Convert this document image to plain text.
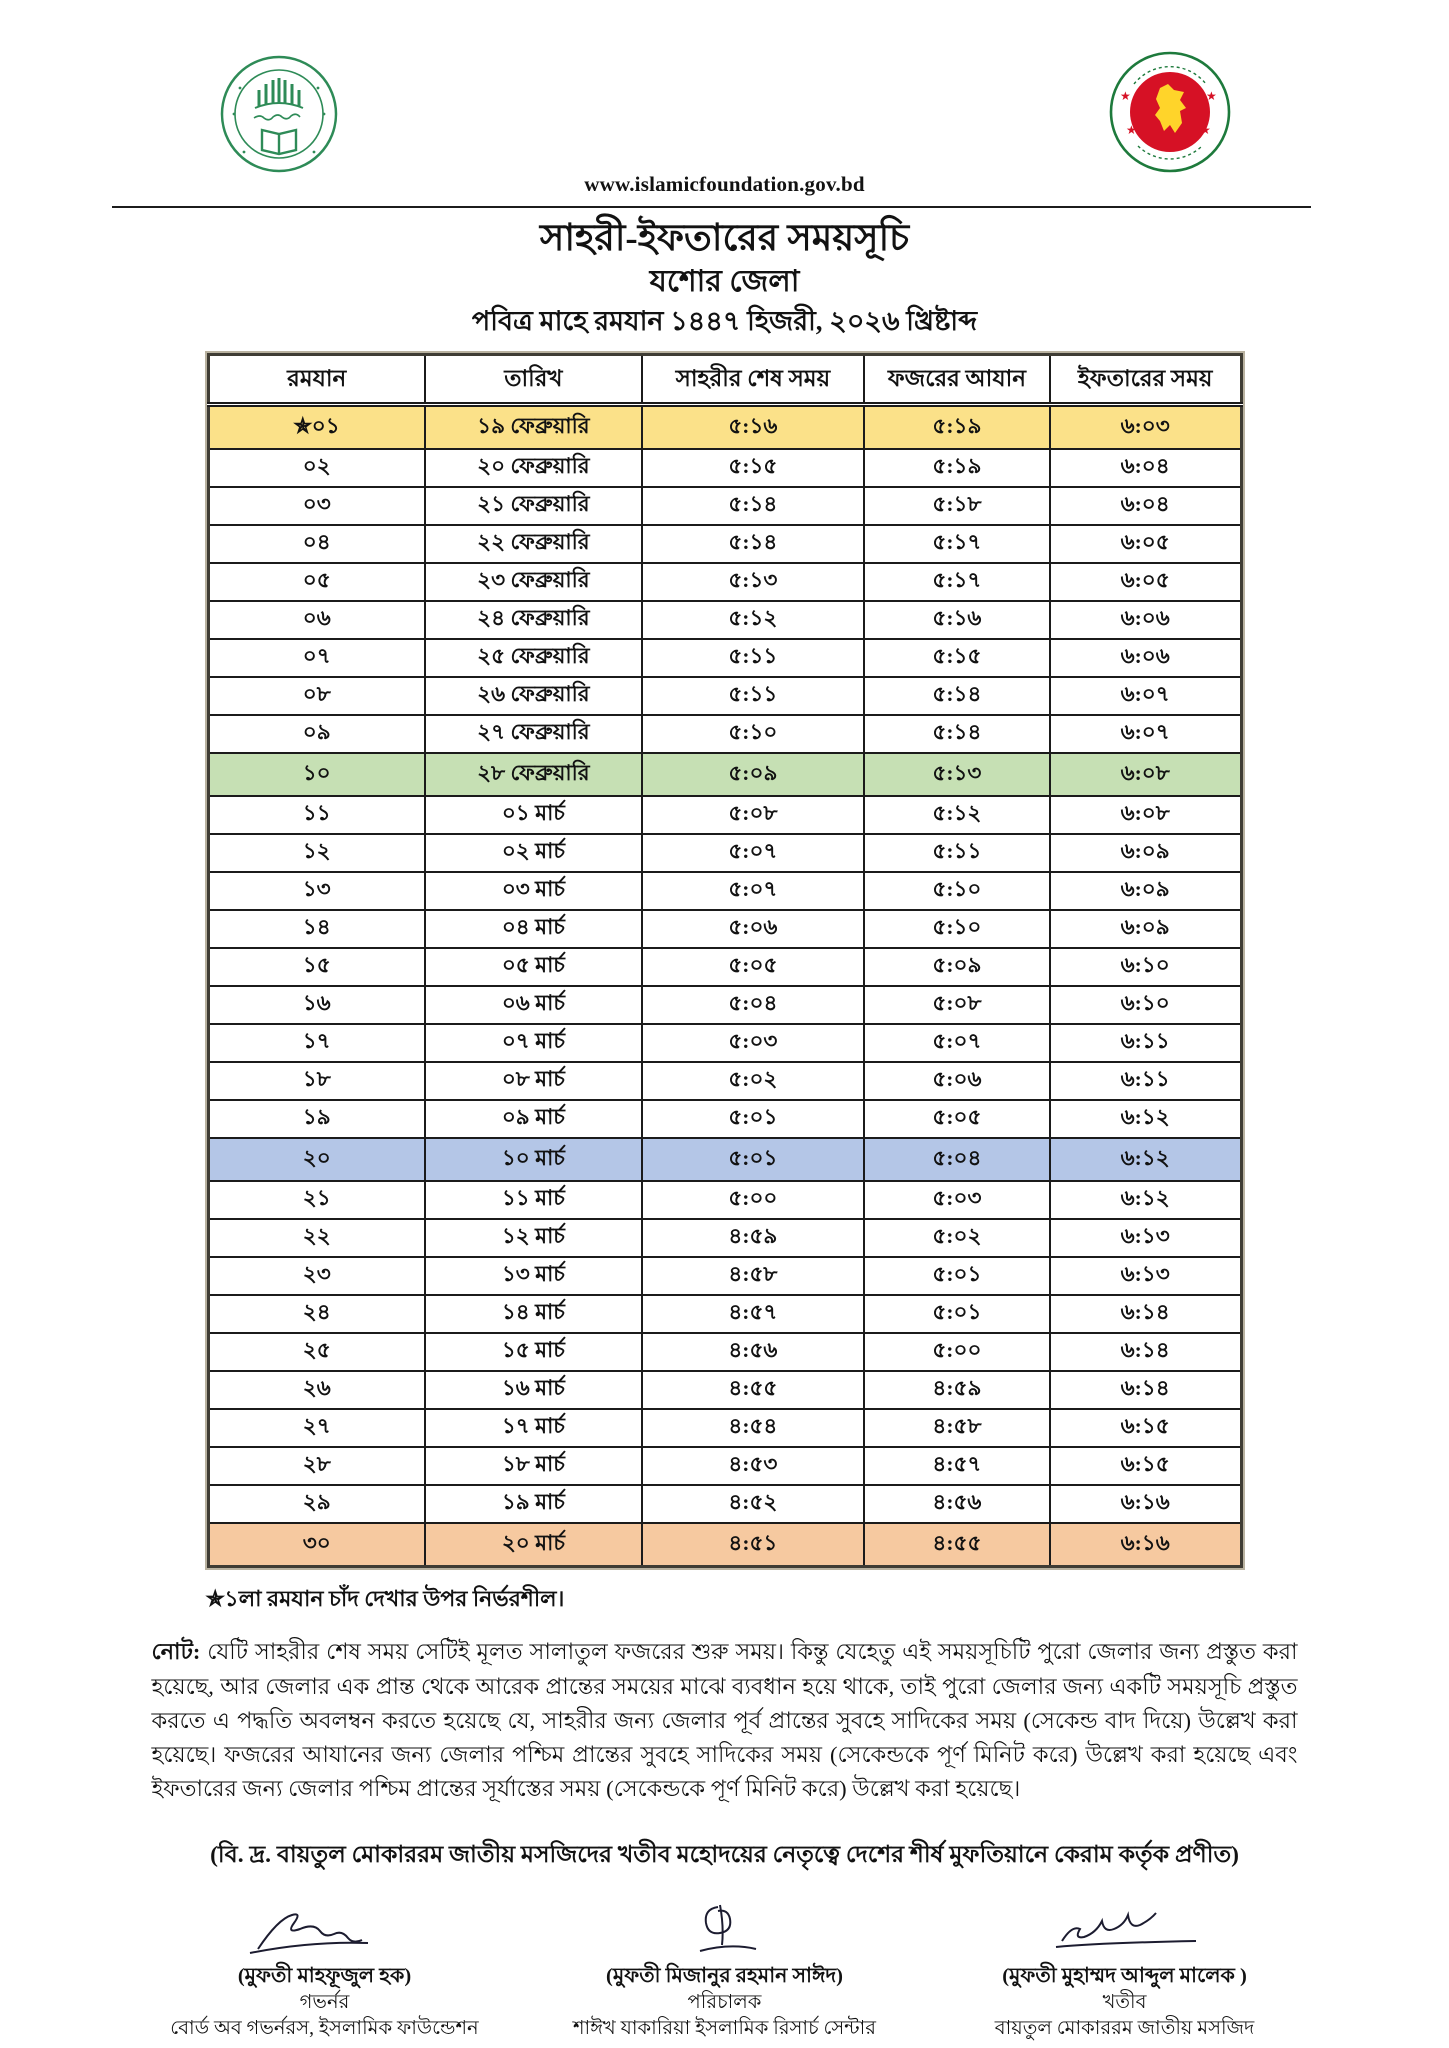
★
★
★
★
www.islamicfoundation.gov.bd
সাহরী-ইফতারের সময়সূচি
যশোর জেলা
পবিত্র মাহে রমযান ১৪৪৭ হিজরী, ২০২৬ খ্রিষ্টাব্দ
রমযান	তারিখ	সাহরীর শেষ সময়	ফজরের আযান	ইফতারের সময়
✯০১	১৯ ফেব্রুয়ারি	৫:১৬	৫:১৯	৬:০৩
০২	২০ ফেব্রুয়ারি	৫:১৫	৫:১৯	৬:০৪
০৩	২১ ফেব্রুয়ারি	৫:১৪	৫:১৮	৬:০৪
০৪	২২ ফেব্রুয়ারি	৫:১৪	৫:১৭	৬:০৫
০৫	২৩ ফেব্রুয়ারি	৫:১৩	৫:১৭	৬:০৫
০৬	২৪ ফেব্রুয়ারি	৫:১২	৫:১৬	৬:০৬
০৭	২৫ ফেব্রুয়ারি	৫:১১	৫:১৫	৬:০৬
০৮	২৬ ফেব্রুয়ারি	৫:১১	৫:১৪	৬:০৭
০৯	২৭ ফেব্রুয়ারি	৫:১০	৫:১৪	৬:০৭
১০	২৮ ফেব্রুয়ারি	৫:০৯	৫:১৩	৬:০৮
১১	০১ মার্চ	৫:০৮	৫:১২	৬:০৮
১২	০২ মার্চ	৫:০৭	৫:১১	৬:০৯
১৩	০৩ মার্চ	৫:০৭	৫:১০	৬:০৯
১৪	০৪ মার্চ	৫:০৬	৫:১০	৬:০৯
১৫	০৫ মার্চ	৫:০৫	৫:০৯	৬:১০
১৬	০৬ মার্চ	৫:০৪	৫:০৮	৬:১০
১৭	০৭ মার্চ	৫:০৩	৫:০৭	৬:১১
১৮	০৮ মার্চ	৫:০২	৫:০৬	৬:১১
১৯	০৯ মার্চ	৫:০১	৫:০৫	৬:১২
২০	১০ মার্চ	৫:০১	৫:০৪	৬:১২
২১	১১ মার্চ	৫:০০	৫:০৩	৬:১২
২২	১২ মার্চ	৪:৫৯	৫:০২	৬:১৩
২৩	১৩ মার্চ	৪:৫৮	৫:০১	৬:১৩
২৪	১৪ মার্চ	৪:৫৭	৫:০১	৬:১৪
২৫	১৫ মার্চ	৪:৫৬	৫:০০	৬:১৪
২৬	১৬ মার্চ	৪:৫৫	৪:৫৯	৬:১৪
২৭	১৭ মার্চ	৪:৫৪	৪:৫৮	৬:১৫
২৮	১৮ মার্চ	৪:৫৩	৪:৫৭	৬:১৫
২৯	১৯ মার্চ	৪:৫২	৪:৫৬	৬:১৬
৩০	২০ মার্চ	৪:৫১	৪:৫৫	৬:১৬

✯১লা রমযান চাঁদ দেখার উপর নির্ভরশীল।

নোট: যেটি সাহরীর শেষ সময় সেটিই মূলত সালাতুল ফজরের শুরু সময়। কিন্তু যেহেতু এই সময়সূচিটি পুরো জেলার জন্য প্রস্তুত করা হয়েছে, আর জেলার এক প্রান্ত থেকে আরেক প্রান্তের সময়ের মাঝে ব্যবধান হয়ে থাকে, তাই পুরো জেলার জন্য একটি সময়সূচি প্রস্তুত করতে এ পদ্ধতি অবলম্বন করতে হয়েছে যে, সাহরীর জন্য জেলার পূর্ব প্রান্তের সুবহে সাদিকের সময় (সেকেন্ড বাদ দিয়ে) উল্লেখ করা হয়েছে। ফজরের আযানের জন্য জেলার পশ্চিম প্রান্তের সুবহে সাদিকের সময় (সেকেন্ডকে পূর্ণ মিনিট করে) উল্লেখ করা হয়েছে এবং ইফতারের জন্য জেলার পশ্চিম প্রান্তের সূর্যাস্তের সময় (সেকেন্ডকে পূর্ণ মিনিট করে) উল্লেখ করা হয়েছে।

(বি. দ্র. বায়তুল মোকাররম জাতীয় মসজিদের খতীব মহোদয়ের নেতৃত্বে দেশের শীর্ষ মুফতিয়ানে কেরাম কর্তৃক প্রণীত)

(মুফতী মাহফূজুল হক)
গভর্নর
বোর্ড অব গভর্নরস, ইসলামিক ফাউন্ডেশন
(মুফতী মিজানুর রহমান সাঈদ)
পরিচালক
শাঈখ যাকারিয়া ইসলামিক রিসার্চ সেন্টার
(মুফতী মুহাম্মদ আব্দুল মালেক )
খতীব
বায়তুল মোকাররম জাতীয় মসজিদ
